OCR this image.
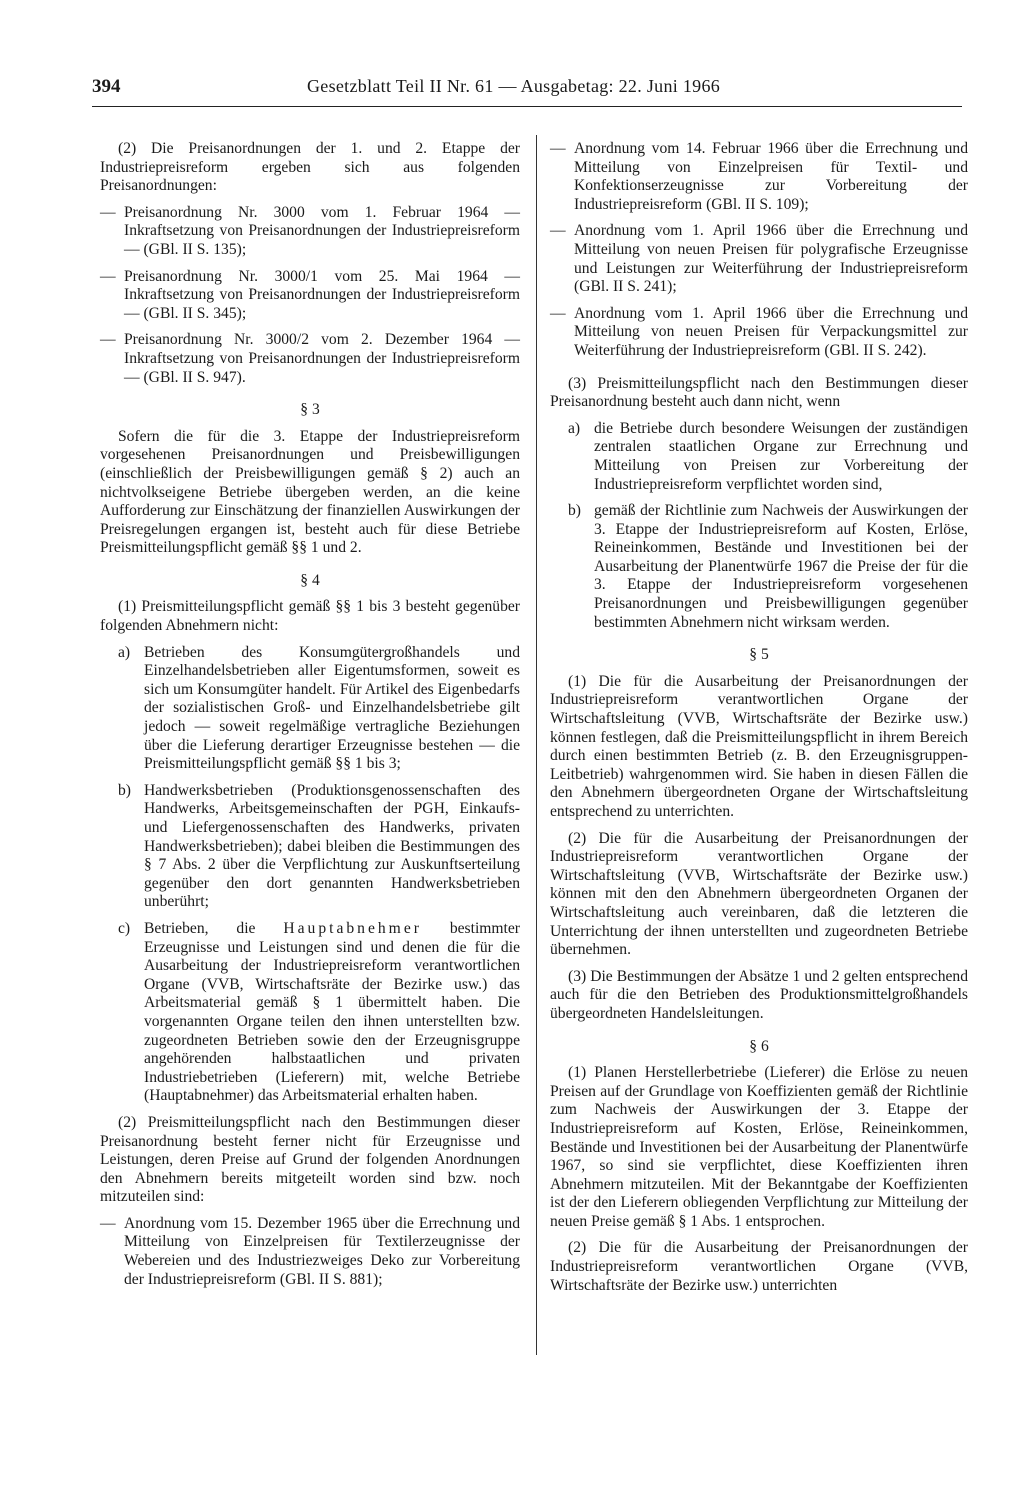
394	Gesetzblatt Teil II Nr. 61 — Ausgabetag: 22. Juni 1966

(2) Die Preisanordnungen der 1. und 2. Etappe der Industriepreisreform ergeben sich aus folgenden Preisanordnungen:

— Preisanordnung Nr. 3000 vom 1. Februar 1964 — Inkraftsetzung von Preisanordnungen der Industriepreisreform — (GBl. II S. 135);
— Preisanordnung Nr. 3000/1 vom 25. Mai 1964 — Inkraftsetzung von Preisanordnungen der Industriepreisreform — (GBl. II S. 345);
— Preisanordnung Nr. 3000/2 vom 2. Dezember 1964 — Inkraftsetzung von Preisanordnungen der Industriepreisreform — (GBl. II S. 947).

§ 3

Sofern die für die 3. Etappe der Industriepreisreform vorgesehenen Preisanordnungen und Preisbewilligungen (einschließlich der Preisbewilligungen gemäß § 2) auch an nichtvolkseigene Betriebe übergeben werden, an die keine Aufforderung zur Einschätzung der finanziellen Auswirkungen der Preisregelungen ergangen ist, besteht auch für diese Betriebe Preismitteilungspflicht gemäß §§ 1 und 2.

§ 4

(1) Preismitteilungspflicht gemäß §§ 1 bis 3 besteht gegenüber folgenden Abnehmern nicht:

a) Betrieben des Konsumgütergroßhandels und Einzelhandelsbetrieben aller Eigentumsformen, soweit es sich um Konsumgüter handelt. Für Artikel des Eigenbedarfs der sozialistischen Groß- und Einzelhandelsbetriebe gilt jedoch — soweit regelmäßige vertragliche Beziehungen über die Lieferung derartiger Erzeugnisse bestehen — die Preismitteilungspflicht gemäß §§ 1 bis 3;
b) Handwerksbetrieben (Produktionsgenossenschaften des Handwerks, Arbeitsgemeinschaften der PGH, Einkaufs- und Liefergenossenschaften des Handwerks, privaten Handwerksbetrieben); dabei bleiben die Bestimmungen des § 7 Abs. 2 über die Verpflichtung zur Auskunftserteilung gegenüber den dort genannten Handwerksbetrieben unberührt;
c) Betrieben, die Hauptabnehmer bestimmter Erzeugnisse und Leistungen sind und denen die für die Ausarbeitung der Industriepreisreform verantwortlichen Organe (VVB, Wirtschaftsräte der Bezirke usw.) das Arbeitsmaterial gemäß § 1 übermittelt haben. Die vorgenannten Organe teilen den ihnen unterstellten bzw. zugeordneten Betrieben sowie den der Erzeugnisgruppe angehörenden halbstaatlichen und privaten Industriebetrieben (Lieferern) mit, welche Betriebe (Hauptabnehmer) das Arbeitsmaterial erhalten haben.

(2) Preismitteilungspflicht nach den Bestimmungen dieser Preisanordnung besteht ferner nicht für Erzeugnisse und Leistungen, deren Preise auf Grund der folgenden Anordnungen den Abnehmern bereits mitgeteilt worden sind bzw. noch mitzuteilen sind:

— Anordnung vom 15. Dezember 1965 über die Errechnung und Mitteilung von Einzelpreisen für Textilerzeugnisse der Webereien und des Industriezweiges Deko zur Vorbereitung der Industriepreisreform (GBl. II S. 881);
— Anordnung vom 14. Februar 1966 über die Errechnung und Mitteilung von Einzelpreisen für Textil- und Konfektionserzeugnisse zur Vorbereitung der Industriepreisreform (GBl. II S. 109);
— Anordnung vom 1. April 1966 über die Errechnung und Mitteilung von neuen Preisen für polygrafische Erzeugnisse und Leistungen zur Weiterführung der Industriepreisreform (GBl. II S. 241);
— Anordnung vom 1. April 1966 über die Errechnung und Mitteilung von neuen Preisen für Verpackungsmittel zur Weiterführung der Industriepreisreform (GBl. II S. 242).

(3) Preismitteilungspflicht nach den Bestimmungen dieser Preisanordnung besteht auch dann nicht, wenn

a) die Betriebe durch besondere Weisungen der zuständigen zentralen staatlichen Organe zur Errechnung und Mitteilung von Preisen zur Vorbereitung der Industriepreisreform verpflichtet worden sind,
b) gemäß der Richtlinie zum Nachweis der Auswirkungen der 3. Etappe der Industriepreisreform auf Kosten, Erlöse, Reineinkommen, Bestände und Investitionen bei der Ausarbeitung der Planentwürfe 1967 die Preise der für die 3. Etappe der Industriepreisreform vorgesehenen Preisanordnungen und Preisbewilligungen gegenüber bestimmten Abnehmern nicht wirksam werden.

§ 5

(1) Die für die Ausarbeitung der Preisanordnungen der Industriepreisreform verantwortlichen Organe der Wirtschaftsleitung (VVB, Wirtschaftsräte der Bezirke usw.) können festlegen, daß die Preismitteilungspflicht in ihrem Bereich durch einen bestimmten Betrieb (z. B. den Erzeugnisgruppen-Leitbetrieb) wahrgenommen wird. Sie haben in diesen Fällen die den Abnehmern übergeordneten Organe der Wirtschaftsleitung entsprechend zu unterrichten.

(2) Die für die Ausarbeitung der Preisanordnungen der Industriepreisreform verantwortlichen Organe der Wirtschaftsleitung (VVB, Wirtschaftsräte der Bezirke usw.) können mit den den Abnehmern übergeordneten Organen der Wirtschaftsleitung auch vereinbaren, daß die letzteren die Unterrichtung der ihnen unterstellten und zugeordneten Betriebe übernehmen.

(3) Die Bestimmungen der Absätze 1 und 2 gelten entsprechend auch für die den Betrieben des Produktionsmittelgroßhandels übergeordneten Handelsleitungen.

§ 6

(1) Planen Herstellerbetriebe (Lieferer) die Erlöse zu neuen Preisen auf der Grundlage von Koeffizienten gemäß der Richtlinie zum Nachweis der Auswirkungen der 3. Etappe der Industriepreisreform auf Kosten, Erlöse, Reineinkommen, Bestände und Investitionen bei der Ausarbeitung der Planentwürfe 1967, so sind sie verpflichtet, diese Koeffizienten ihren Abnehmern mitzuteilen. Mit der Bekanntgabe der Koeffizienten ist der den Lieferern obliegenden Verpflichtung zur Mitteilung der neuen Preise gemäß § 1 Abs. 1 entsprochen.

(2) Die für die Ausarbeitung der Preisanordnungen der Industriepreisreform verantwortlichen Organe (VVB, Wirtschaftsräte der Bezirke usw.) unterrichten
